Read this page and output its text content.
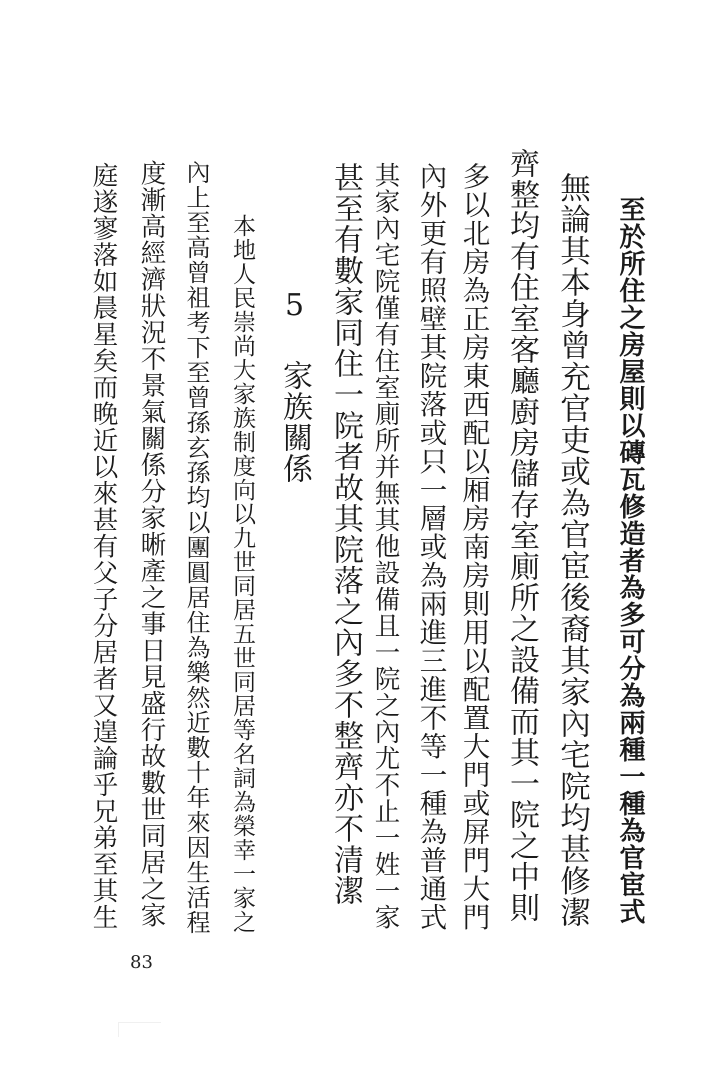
至於所住之房屋則以磚瓦修造者為多可分為兩種一種為官宦式
無論其本身曾充官吏或為官宦後裔其家內宅院均甚修潔
齊整均有住室客廳廚房儲存室廁所之設備而其一院之中則
多以北房為正房東西配以厢房南房則用以配置大門或屏門大門
內外更有照壁其院落或只一層或為兩進三進不等一種為普通式
其家內宅院僅有住室廁所并無其他設備且一院之內尤不止一姓一家
甚至有數家同住一院者故其院落之內多不整齊亦不清潔
5 家族關係
本地人民崇尚大家族制度向以九世同居五世同居等名詞為榮幸一家之
內上至高曾祖考下至曾孫玄孫均以團圓居住為樂然近數十年來因生活程
度漸高經濟狀況不景氣關係分家晰產之事日見盛行故數世同居之家
庭遂寥落如晨星矣而晚近以來甚有父子分居者又遑論乎兄弟至其生
83
